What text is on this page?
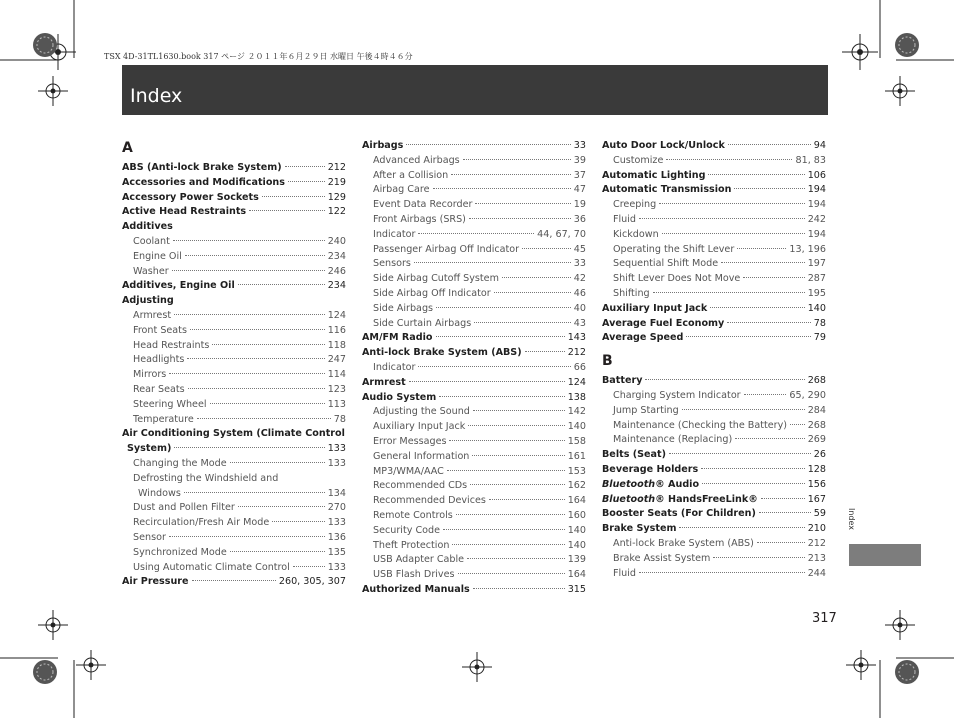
TSX 4D-31TL1630.book 317 ページ ２０１１年６月２９日 水曜日 午後４時４６分
Index
A
ABS (Anti-lock Brake System)	212
Accessories and Modifications	219
Accessory Power Sockets	129
Active Head Restraints	122
Additives
Coolant	240
Engine Oil	234
Washer	246
Additives, Engine Oil	234
Adjusting
Armrest	124
Front Seats	116
Head Restraints	118
Headlights	247
Mirrors	114
Rear Seats	123
Steering Wheel	113
Temperature	78
Air Conditioning System (Climate Control
System)	133
Changing the Mode	133
Defrosting the Windshield and
Windows	134
Dust and Pollen Filter	270
Recirculation/Fresh Air Mode	133
Sensor	136
Synchronized Mode	135
Using Automatic Climate Control	133
Air Pressure	260, 305, 307
Airbags	33
Advanced Airbags	39
After a Collision	37
Airbag Care	47
Event Data Recorder	19
Front Airbags (SRS)	36
Indicator	44, 67, 70
Passenger Airbag Off Indicator	45
Sensors	33
Side Airbag Cutoff System	42
Side Airbag Off Indicator	46
Side Airbags	40
Side Curtain Airbags	43
AM/FM Radio	143
Anti-lock Brake System (ABS)	212
Indicator	66
Armrest	124
Audio System	138
Adjusting the Sound	142
Auxiliary Input Jack	140
Error Messages	158
General Information	161
MP3/WMA/AAC	153
Recommended CDs	162
Recommended Devices	164
Remote Controls	160
Security Code	140
Theft Protection	140
USB Adapter Cable	139
USB Flash Drives	164
Authorized Manuals	315
Auto Door Lock/Unlock	94
Customize	81, 83
Automatic Lighting	106
Automatic Transmission	194
Creeping	194
Fluid	242
Kickdown	194
Operating the Shift Lever	13, 196
Sequential Shift Mode	197
Shift Lever Does Not Move	287
Shifting	195
Auxiliary Input Jack	140
Average Fuel Economy	78
Average Speed	79
B
Battery	268
Charging System Indicator	65, 290
Jump Starting	284
Maintenance (Checking the Battery) 268
Maintenance (Replacing)	269
Belts (Seat)	26
Beverage Holders	128
Bluetooth® Audio	156
Bluetooth® HandsFreeLink®	167
Booster Seats (For Children)	59
Brake System	210
Anti-lock Brake System (ABS)	212
Brake Assist System	213
Fluid	244
Index
317
